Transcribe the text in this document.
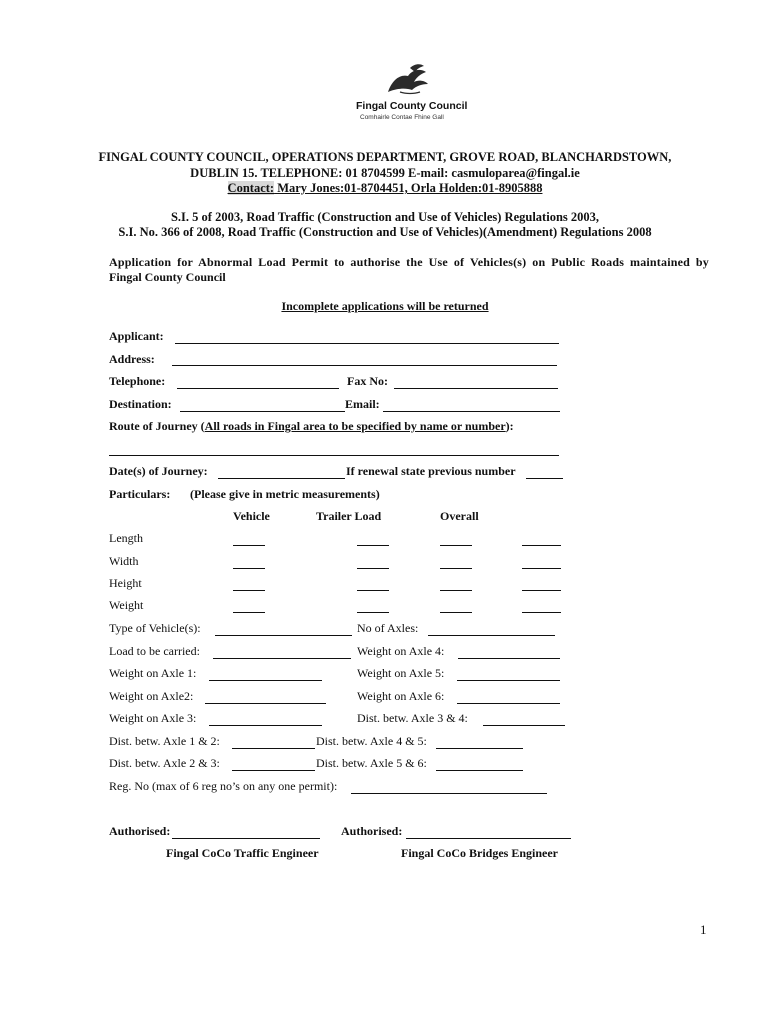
Fingal County Council
Comhairle Contae Fhine Gall
FINGAL COUNTY COUNCIL, OPERATIONS DEPARTMENT, GROVE ROAD, BLANCHARDSTOWN,
DUBLIN 15. TELEPHONE: 01 8704599 E-mail: casmuloparea@fingal.ie
Contact: Mary Jones:01-8704451, Orla Holden:01-8905888
S.I. 5 of 2003, Road Traffic (Construction and Use of Vehicles) Regulations 2003,
S.I. No. 366 of 2008, Road Traffic (Construction and Use of Vehicles)(Amendment) Regulations 2008
Application for Abnormal Load Permit to authorise the Use of Vehicles(s) on Public Roads maintained by
Fingal County Council
Incomplete applications will be returned
Applicant:
Address:
Telephone:	Fax No:
Destination:	Email:
Route of Journey (All roads in Fingal area to be specified by name or number):
Date(s) of Journey:	If renewal state previous number
Particulars: (Please give in metric measurements)
Vehicle	Trailer Load	Overall
Length
Width
Height
Weight
Type of Vehicle(s):	No of Axles:
Load to be carried:	Weight on Axle 4:
Weight on Axle 1:	Weight on Axle 5:
Weight on Axle2:	Weight on Axle 6:
Weight on Axle 3:	Dist. betw. Axle 3 & 4:
Dist. betw. Axle 1 & 2:	Dist. betw. Axle 4 & 5:
Dist. betw. Axle 2 & 3:	Dist. betw. Axle 5 & 6:
Reg. No (max of 6 reg no’s on any one permit):
Authorised:	Authorised:
Fingal CoCo Traffic Engineer	Fingal CoCo Bridges Engineer
1
